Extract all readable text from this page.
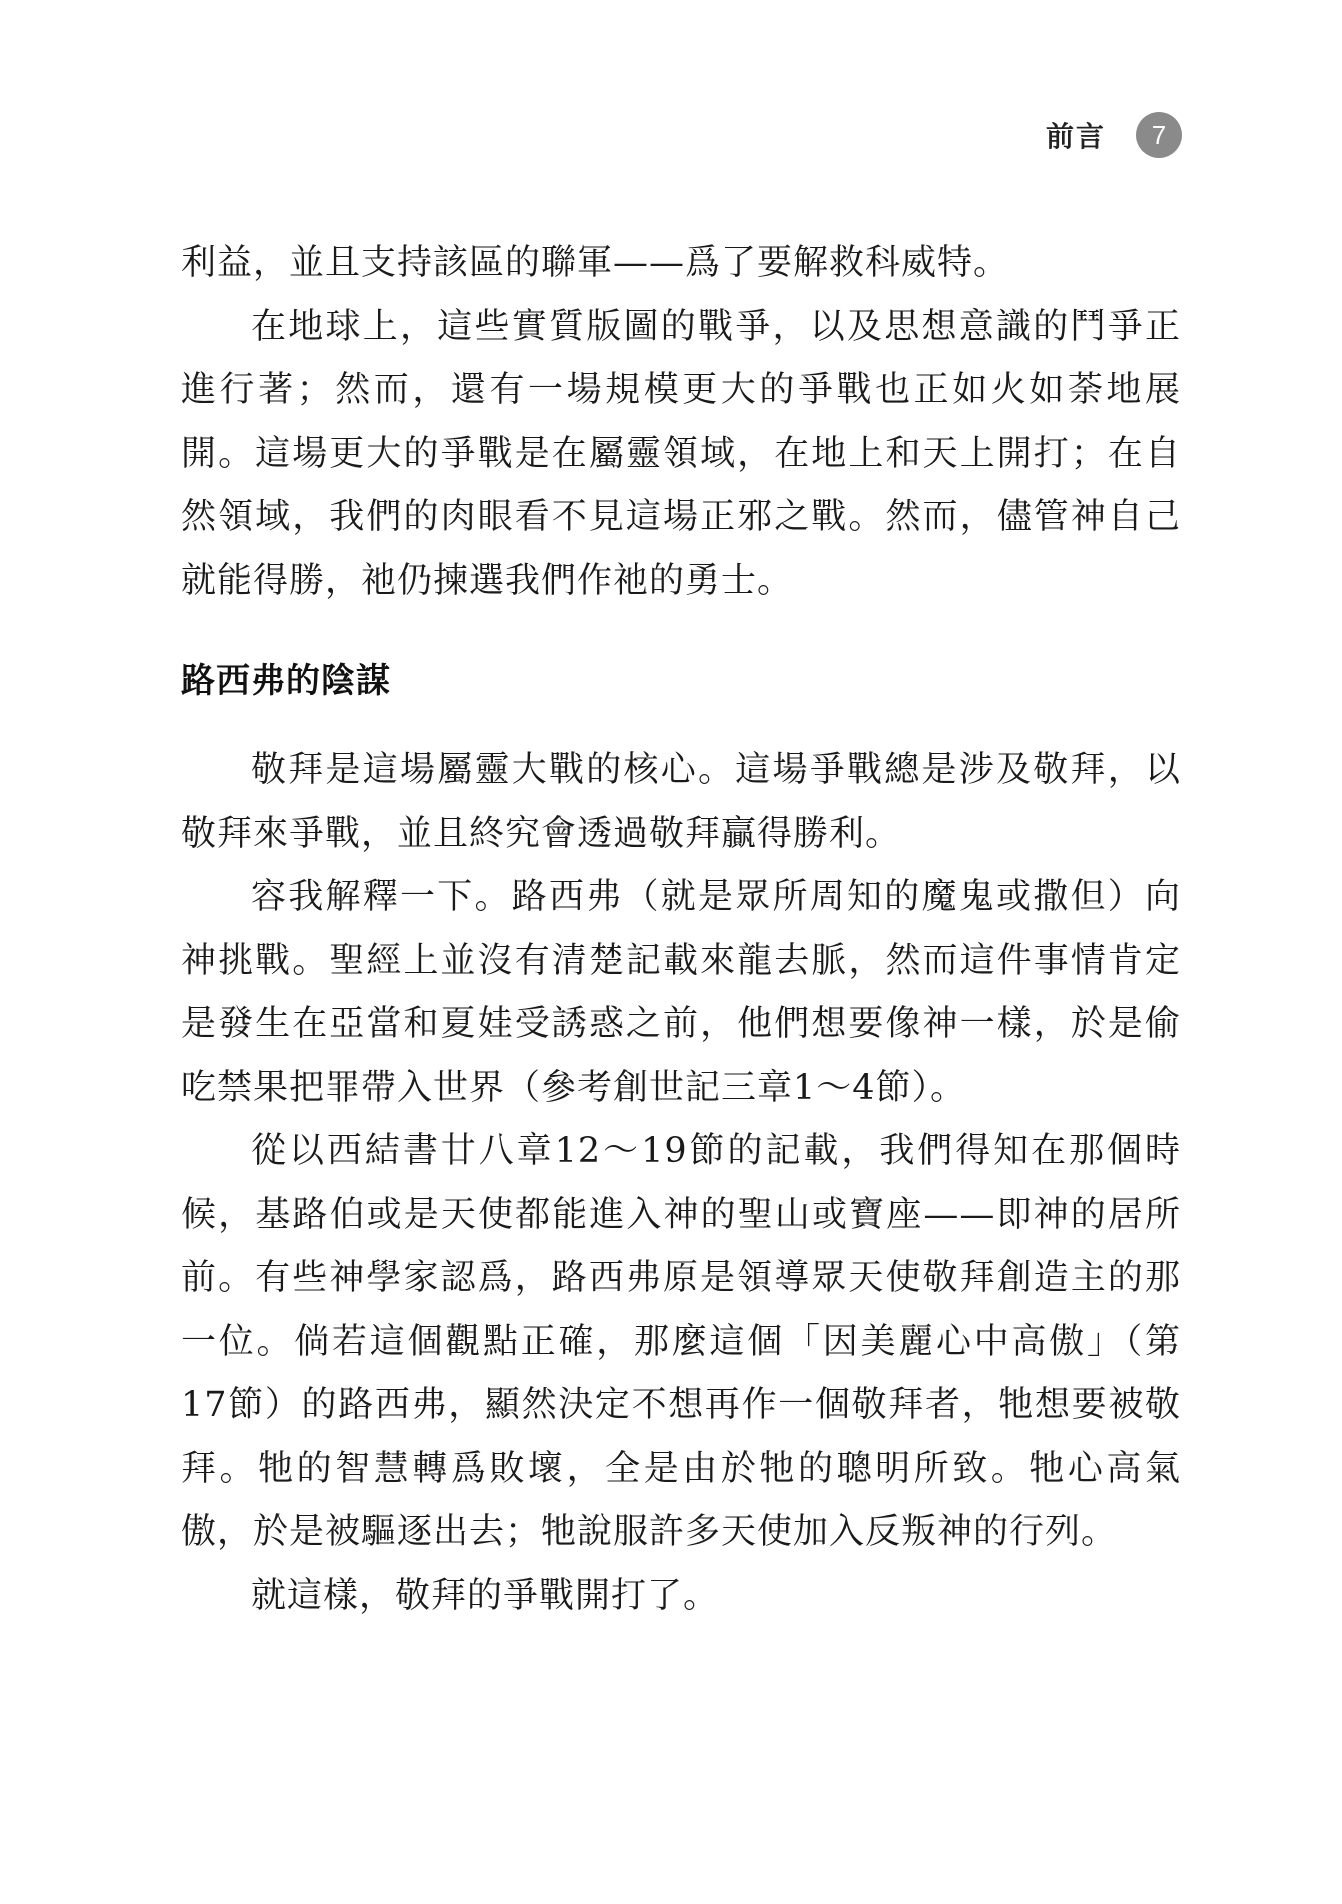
前言	7

利益，並且支持該區的聯軍——爲了要解救科威特。

在地球上，這些實質版圖的戰爭，以及思想意識的鬥爭正進行著；然而，還有一場規模更大的爭戰也正如火如荼地展開。這場更大的爭戰是在屬靈領域，在地上和天上開打；在自然領域，我們的肉眼看不見這場正邪之戰。然而，儘管神自己就能得勝，祂仍揀選我們作祂的勇士。

路西弗的陰謀

敬拜是這場屬靈大戰的核心。這場爭戰總是涉及敬拜，以敬拜來爭戰，並且終究會透過敬拜贏得勝利。

容我解釋一下。路西弗（就是眾所周知的魔鬼或撒但）向神挑戰。聖經上並沒有清楚記載來龍去脈，然而這件事情肯定是發生在亞當和夏娃受誘惑之前，他們想要像神一樣，於是偷吃禁果把罪帶入世界（參考創世記三章1～4節）。

從以西結書廿八章12～19節的記載，我們得知在那個時候，基路伯或是天使都能進入神的聖山或寶座——即神的居所前。有些神學家認爲，路西弗原是領導眾天使敬拜創造主的那一位。倘若這個觀點正確，那麼這個「因美麗心中高傲」（第17節）的路西弗，顯然決定不想再作一個敬拜者，牠想要被敬拜。牠的智慧轉爲敗壞，全是由於牠的聰明所致。牠心高氣傲，於是被驅逐出去；牠說服許多天使加入反叛神的行列。

就這樣，敬拜的爭戰開打了。
